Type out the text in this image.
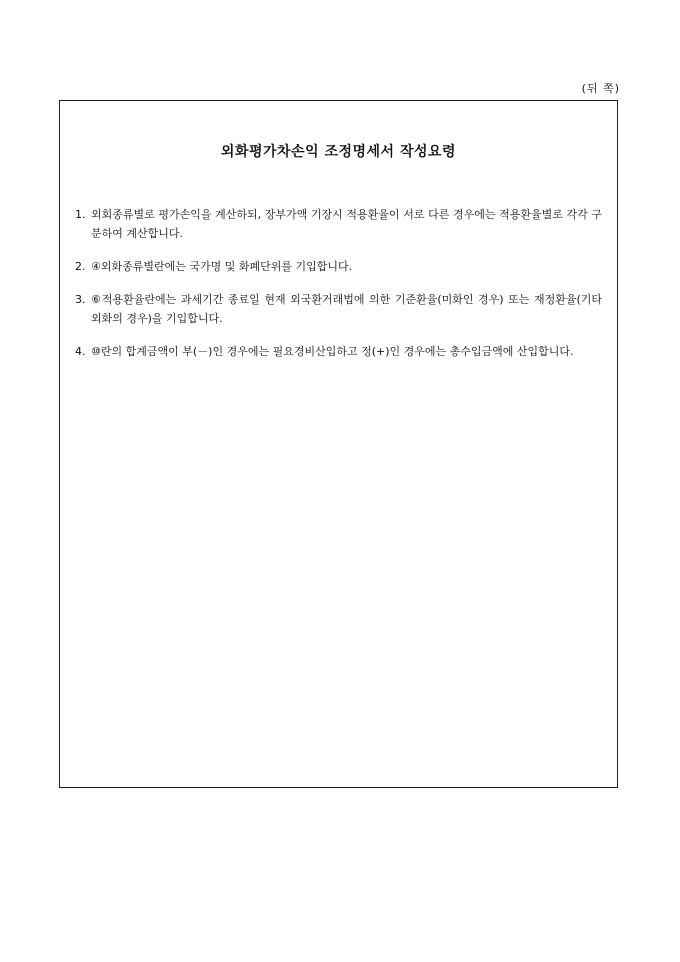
(뒤 쪽)
외화평가차손익 조정명세서 작성요령
1. 외회종류별로 평가손익을 계산하되, 장부가액 기장시 적용환율이 서로 다른 경우에는 적용환율별로 각각 구분하여 계산합니다.
2. ④외화종류별란에는 국가명 및 화폐단위를 기입합니다.
3. ⑥적용환율란에는 과세기간 종료일 현재 외국환거래법에 의한 기준환율(미화인 경우) 또는 재정환율(기타 외화의 경우)을 기입합니다.
4. ⑩란의 합계금액이 부(－)인 경우에는 필요경비산입하고 정(+)인 경우에는 총수입금액에 산입합니다.
